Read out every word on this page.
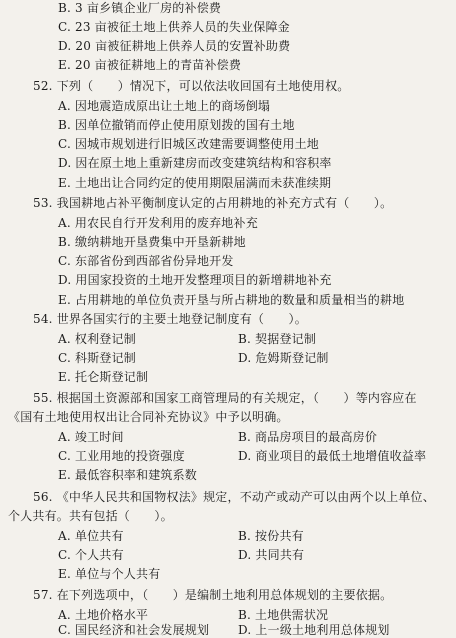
B. 3 亩乡镇企业厂房的补偿费
C. 23 亩被征土地上供养人员的失业保障金
D. 20 亩被征耕地上供养人员的安置补助费
E. 20 亩被征耕地上的青苗补偿费
52. 下列（　　）情况下，可以依法收回国有土地使用权。
A. 因地震造成原出让土地上的商场倒塌
B. 因单位撤销而停止使用原划拨的国有土地
C. 因城市规划进行旧城区改建需要调整使用土地
D. 因在原土地上重新建房而改变建筑结构和容积率
E. 土地出让合同约定的使用期限届满而未获准续期
53. 我国耕地占补平衡制度认定的占用耕地的补充方式有（　　）。
A. 用农民自行开发利用的废弃地补充
B. 缴纳耕地开垦费集中开垦新耕地
C. 东部省份到西部省份异地开发
D. 用国家投资的土地开发整理项目的新增耕地补充
E. 占用耕地的单位负责开垦与所占耕地的数量和质量相当的耕地
54. 世界各国实行的主要土地登记制度有（　　）。
A. 权利登记制	B. 契据登记制
C. 科斯登记制	D. 危姆斯登记制
E. 托仑斯登记制
55. 根据国土资源部和国家工商管理局的有关规定，（　　）等内容应在
《国有土地使用权出让合同补充协议》中予以明确。
A. 竣工时间	B. 商品房项目的最高房价
C. 工业用地的投资强度	D. 商业项目的最低土地增值收益率
E. 最低容积率和建筑系数
56. 《中华人民共和国物权法》规定，不动产或动产可以由两个以上单位、
个人共有。共有包括（　　）。
A. 单位共有	B. 按份共有
C. 个人共有	D. 共同共有
E. 单位与个人共有
57. 在下列选项中，（　　）是编制土地利用总体规划的主要依据。
A. 土地价格水平	B. 土地供需状况
C. 国民经济和社会发展规划 D. 上一级土地利用总体规划
